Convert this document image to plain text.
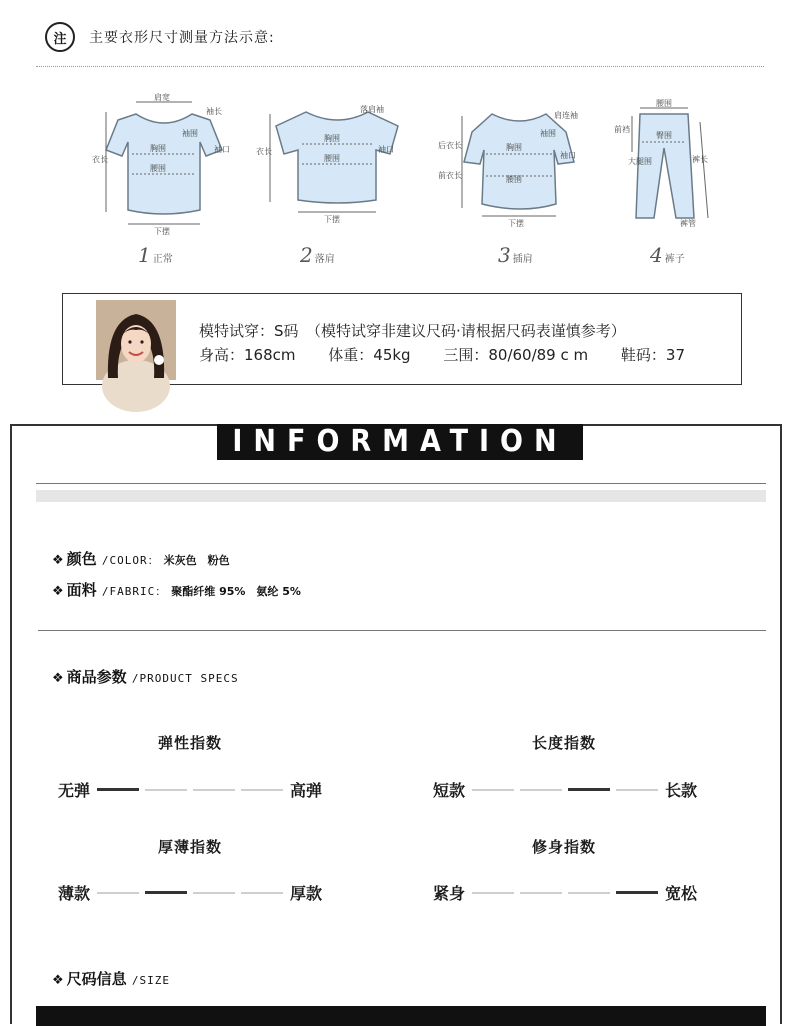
注	主要衣形尺寸测量方法示意:
肩宽
袖长
袖围
袖口
胸围
腰围
衣长
下摆
1 正常
落肩袖
袖口
胸围
腰围
衣长
下摆
2 落肩
肩连袖
袖围
袖口
胸围
腰围
后衣长
前衣长
下摆
3 插肩
腰围
前裆
臀围
大腿围	裤长
裤管
4 裤子
模特试穿：S码　（模特试穿非建议尺码·请根据尺码表谨慎参考）
身高：168cm 体重：45kg 三围：80/60/89 c m 鞋码：37
INFORMATION
❖ 颜色 /COLOR： 米灰色　粉色
❖ 面料 /FABRIC： 聚酯纤维 95%　氨纶 5%
❖ 商品参数 /PRODUCT SPECS
弹性指数
无弹	高弹
长度指数
短款	长款
厚薄指数
薄款	厚款
修身指数
紧身	宽松
❖ 尺码信息 /SIZE
